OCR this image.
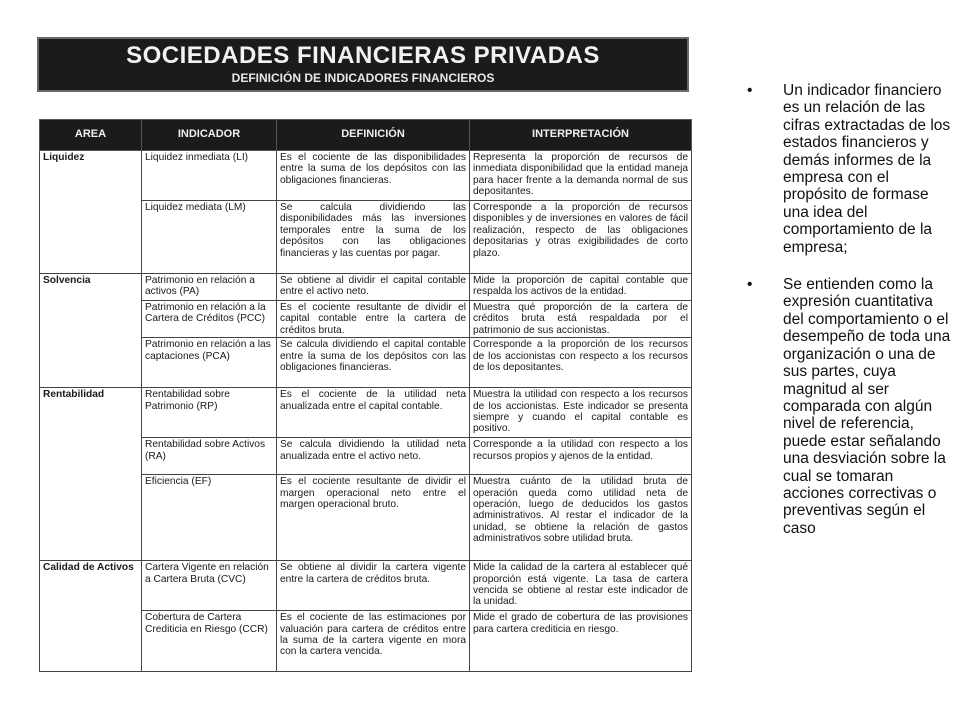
SOCIEDADES FINANCIERAS PRIVADAS
DEFINICIÓN DE INDICADORES FINANCIEROS
AREA	INDICADOR	DEFINICIÓN	INTERPRETACIÓN
Liquidez	Liquidez inmediata (LI)	Es el cociente de las disponibilidades entre la suma de los depósitos con las obligaciones financieras.	Representa la proporción de recursos de inmediata disponibilidad que la entidad maneja para hacer frente a la demanda normal de sus depositantes.
	Liquidez mediata (LM)	Se calcula dividiendo las disponibilidades más las inversiones temporales entre la suma de los depósitos con las obligaciones financieras y las cuentas por pagar.	Corresponde a la proporción de recursos disponibles y de inversiones en valores de fácil realización, respecto de las obligaciones depositarias y otras exigibilidades de corto plazo.
Solvencia	Patrimonio en relación a activos (PA)	Se obtiene al dividir el capital contable entre el activo neto.	Mide la proporción de capital contable que respalda los activos de la entidad.
	Patrimonio en relación a la Cartera de Créditos (PCC)	Es el cociente resultante de dividir el capital contable entre la cartera de créditos bruta.	Muestra qué proporción de la cartera de créditos bruta está respaldada por el patrimonio de sus accionistas.
	Patrimonio en relación a las captaciones (PCA)	Se calcula dividiendo el capital contable entre la suma de los depósitos con las obligaciones financieras.	Corresponde a la proporción de los recursos de los accionistas con respecto a los recursos de los depositantes.
Rentabilidad	Rentabilidad sobre Patrimonio (RP)	Es el cociente de la utilidad neta anualizada entre el capital contable.	Muestra la utilidad con respecto a los recursos de los accionistas. Este indicador se presenta siempre y cuando el capital contable es positivo.
	Rentabilidad sobre Activos (RA)	Se calcula dividiendo la utilidad neta anualizada entre el activo neto.	Corresponde a la utilidad con respecto a los recursos propios y ajenos de la entidad.
	Eficiencia (EF)	Es el cociente resultante de dividir el margen operacional neto entre el margen operacional bruto.	Muestra cuánto de la utilidad bruta de operación queda como utilidad neta de operación, luego de deducidos los gastos administrativos. Al restar el indicador de la unidad, se obtiene la relación de gastos administrativos sobre utilidad bruta.
Calidad de Activos	Cartera Vigente en relación a Cartera Bruta (CVC)	Se obtiene al dividir la cartera vigente entre la cartera de créditos bruta.	Mide la calidad de la cartera al establecer qué proporción está vigente. La tasa de cartera vencida se obtiene al restar este indicador de la unidad.
	Cobertura de Cartera Crediticia en Riesgo (CCR)	Es el cociente de las estimaciones por valuación para cartera de créditos entre la suma de la cartera vigente en mora con la cartera vencida.	Mide el grado de cobertura de las provisiones para cartera crediticia en riesgo.
• Un indicador financiero es un relación de las cifras extractadas de los estados financieros y demás informes de la empresa con el propósito de formase una idea del comportamiento de la empresa;
• Se entienden como la expresión cuantitativa del comportamiento o el desempeño de toda una organización o una de sus partes, cuya magnitud al ser comparada con algún nivel de referencia, puede estar señalando una desviación sobre la cual se tomaran acciones correctivas o preventivas según el caso
